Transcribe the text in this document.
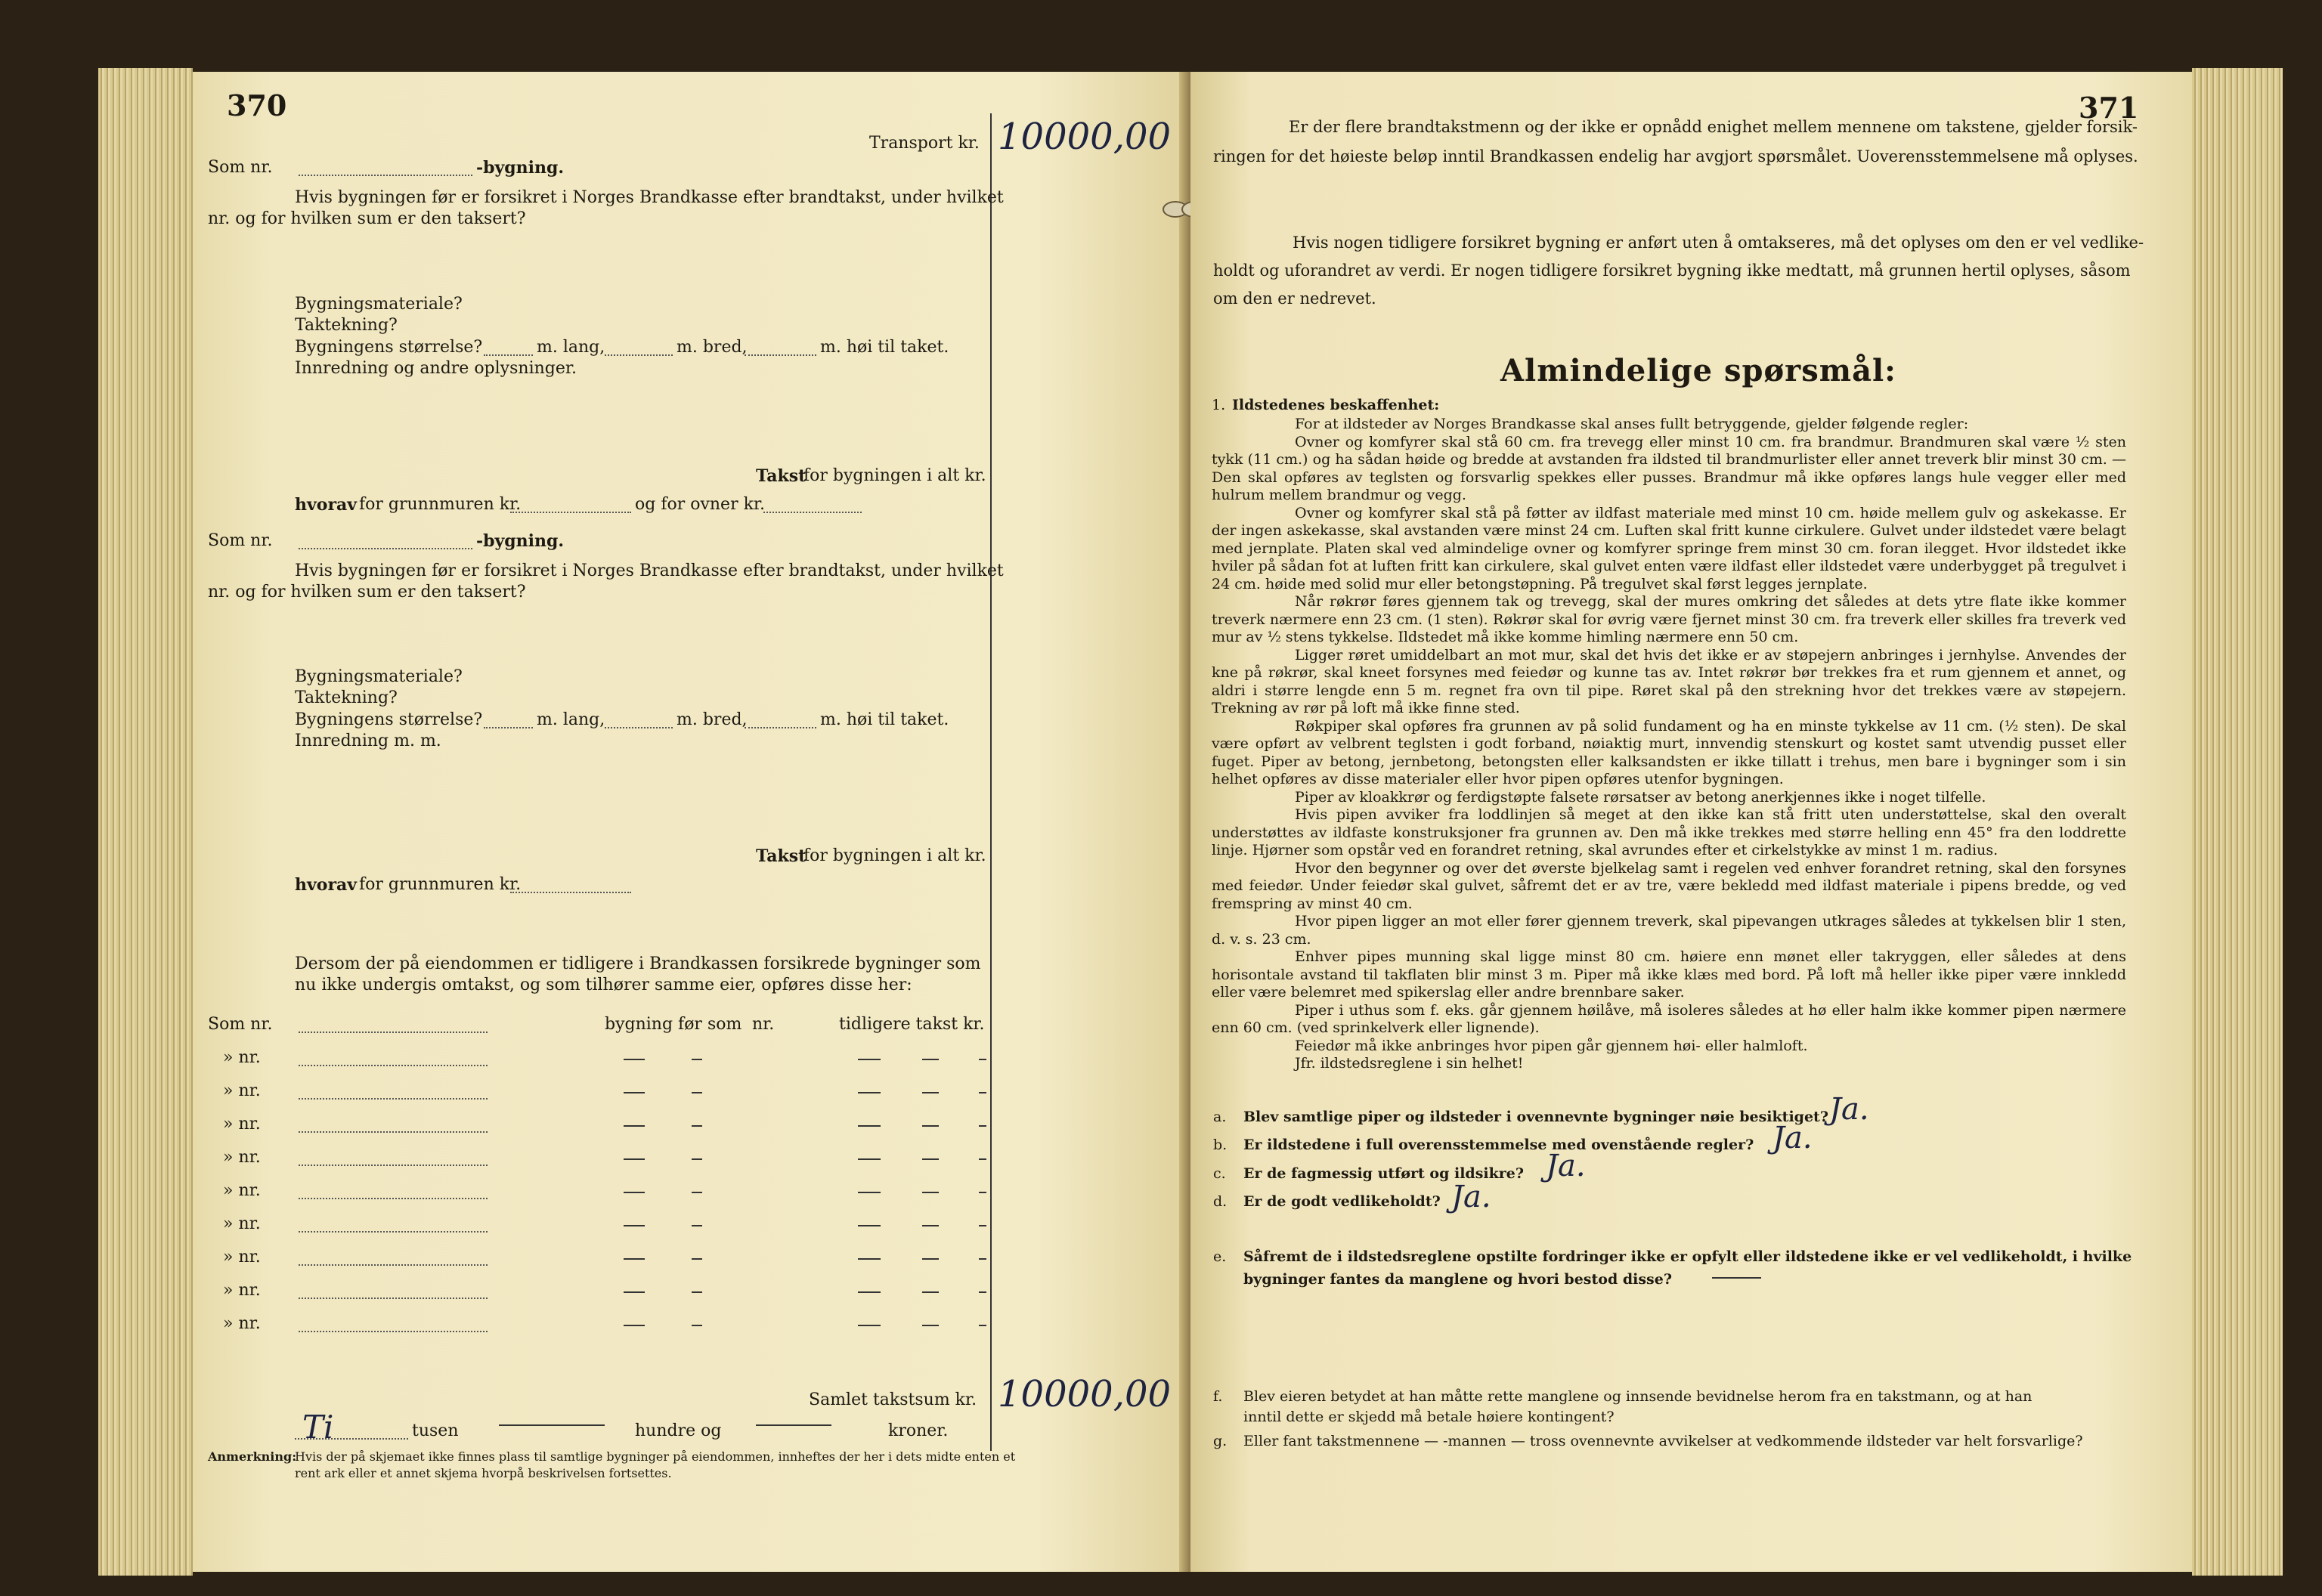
370
Transport kr. 10000,00
Som nr.	-bygning.
Hvis bygningen før er forsikret i Norges Brandkasse efter brandtakst, under hvilket
nr. og for hvilken sum er den taksert?
Bygningsmateriale?
Taktekning?
Bygningens størrelse?	m. lang,	m. bred,	m. høi til taket.
Innredning og andre oplysninger.
Takst
for bygningen i alt kr.
hvorav for grunnmuren kr.	og for ovner kr.
Som nr.	-bygning.
Hvis bygningen før er forsikret i Norges Brandkasse efter brandtakst, under hvilket
nr. og for hvilken sum er den taksert?
Bygningsmateriale?
Taktekning?
Bygningens størrelse?	m. lang,	m. bred,	m. høi til taket.
Innredning m. m.
Takst
for bygningen i alt kr.
hvorav for grunnmuren kr.
Dersom der på eiendommen er tidligere i Brandkassen forsikrede bygninger som
nu ikke undergis omtakst, og som tilhører samme eier, opføres disse her:
Som nr.	bygning før som nr.	tidligere takst kr.
» nr.
» nr.
» nr.
» nr.
» nr.
» nr.
» nr.
» nr.
» nr.
Samlet takstsum kr. 10000,00
Ti	tusen	hundre og	kroner.
Anmerkning:
Hvis der på skjemaet ikke finnes plass til samtlige bygninger på eiendommen, innheftes der her i dets midte enten et
rent ark eller et annet skjema hvorpå beskrivelsen fortsettes.
371
Er der flere brandtakstmenn og der ikke er opnådd enighet mellem mennene om takstene, gjelder forsik-
ringen for det høieste beløp inntil Brandkassen endelig har avgjort spørsmålet. Uoverensstemmelsene må oplyses.
Hvis nogen tidligere forsikret bygning er anført uten å omtakseres, må det oplyses om den er vel vedlike-
holdt og uforandret av verdi. Er nogen tidligere forsikret bygning ikke medtatt, må grunnen hertil oplyses, såsom
om den er nedrevet.
Almindelige spørsmål:
1. Ildstedenes beskaffenhet:
For at ildsteder av Norges Brandkasse skal anses fullt betryggende, gjelder følgende regler:
Ovner og komfyrer skal stå 60 cm. fra trevegg eller minst 10 cm. fra brandmur. Brandmuren skal være ½ sten tykk (11 cm.) og ha sådan høide og bredde at avstanden fra ildsted til brandmurlister eller annet treverk blir minst 30 cm. — Den skal opføres av teglsten og forsvarlig spekkes eller pusses. Brandmur må ikke opføres langs hule vegger eller med hulrum mellem brandmur og vegg.
Ovner og komfyrer skal stå på føtter av ildfast materiale med minst 10 cm. høide mellem gulv og askekasse. Er der ingen askekasse, skal avstanden være minst 24 cm. Luften skal fritt kunne cirkulere. Gulvet under ildstedet være belagt med jernplate. Platen skal ved almindelige ovner og komfyrer springe frem minst 30 cm. foran ilegget. Hvor ildstedet ikke hviler på sådan fot at luften fritt kan cirkulere, skal gulvet enten være ildfast eller ildstedet være underbygget på tregulvet i 24 cm. høide med solid mur eller betongstøpning. På tregulvet skal først legges jernplate.
Når røkrør føres gjennem tak og trevegg, skal der mures omkring det således at dets ytre flate ikke kommer treverk nærmere enn 23 cm. (1 sten). Røkrør skal for øvrig være fjernet minst 30 cm. fra treverk eller skilles fra treverk ved mur av ½ stens tykkelse. Ildstedet må ikke komme himling nærmere enn 50 cm.
Ligger røret umiddelbart an mot mur, skal det hvis det ikke er av støpejern anbringes i jernhylse. Anvendes der kne på røkrør, skal kneet forsynes med feiedør og kunne tas av. Intet røkrør bør trekkes fra et rum gjennem et annet, og aldri i større lengde enn 5 m. regnet fra ovn til pipe. Røret skal på den strekning hvor det trekkes være av støpejern. Trekning av rør på loft må ikke finne sted.
Røkpiper skal opføres fra grunnen av på solid fundament og ha en minste tykkelse av 11 cm. (½ sten). De skal være opført av velbrent teglsten i godt forband, nøiaktig murt, innvendig stenskurt og kostet samt utvendig pusset eller fuget. Piper av betong, jernbetong, betongsten eller kalksandsten er ikke tillatt i trehus, men bare i bygninger som i sin helhet opføres av disse materialer eller hvor pipen opføres utenfor bygningen.
Piper av kloakkrør og ferdigstøpte falsete rørsatser av betong anerkjennes ikke i noget tilfelle.
Hvis pipen avviker fra loddlinjen så meget at den ikke kan stå fritt uten understøttelse, skal den overalt understøttes av ildfaste konstruksjoner fra grunnen av. Den må ikke trekkes med større helling enn 45° fra den loddrette linje. Hjørner som opstår ved en forandret retning, skal avrundes efter et cirkelstykke av minst 1 m. radius.
Hvor den begynner og over det øverste bjelkelag samt i regelen ved enhver forandret retning, skal den forsynes med feiedør. Under feiedør skal gulvet, såfremt det er av tre, være bekledd med ildfast materiale i pipens bredde, og ved fremspring av minst 40 cm.
Hvor pipen ligger an mot eller fører gjennem treverk, skal pipevangen utkrages således at tykkelsen blir 1 sten, d. v. s. 23 cm.
Enhver pipes munning skal ligge minst 80 cm. høiere enn mønet eller takryggen, eller således at dens horisontale avstand til takflaten blir minst 3 m. Piper må ikke klæs med bord. På loft må heller ikke piper være innkledd eller være belemret med spikerslag eller andre brennbare saker.
Piper i uthus som f. eks. går gjennem høilåve, må isoleres således at hø eller halm ikke kommer pipen nærmere enn 60 cm. (ved sprinkelverk eller lignende).
Feiedør må ikke anbringes hvor pipen går gjennem høi- eller halmloft.
Jfr. ildstedsreglene i sin helhet!
a. Blev samtlige piper og ildsteder i ovennevnte bygninger nøie besiktiget? Ja.
b. Er ildstedene i full overensstemmelse med ovenstående regler? Ja.
c. Er de fagmessig utført og ildsikre? Ja.
d. Er de godt vedlikeholdt? Ja.
e. Såfremt de i ildstedsreglene opstilte fordringer ikke er opfylt eller ildstedene ikke er vel vedlikeholdt, i hvilke
bygninger fantes da manglene og hvori bestod disse?
f. Blev eieren betydet at han måtte rette manglene og innsende bevidnelse herom fra en takstmann, og at han
inntil dette er skjedd må betale høiere kontingent?
g. Eller fant takstmennene — -mannen — tross ovennevnte avvikelser at vedkommende ildsteder var helt forsvarlige?
